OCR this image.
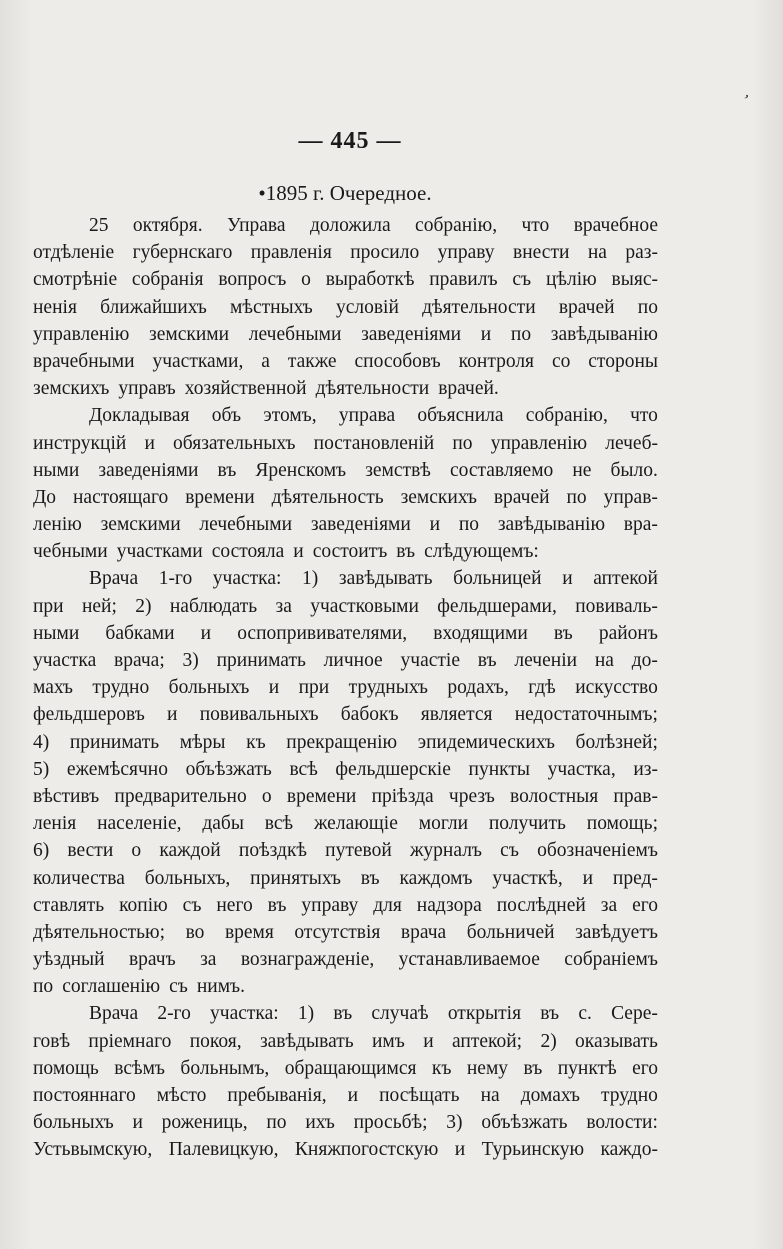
ʼ
— 445 —
•1895 г. Очередное.
25 октября. Управа доложила собранію, что врачебное
отдѣленіе губернскаго правленія просило управу внести на раз-
смотрѣніе собранія вопросъ о выработкѣ правилъ съ цѣлію выяс-
ненія ближайшихъ мѣстныхъ условій дѣятельности врачей по
управленію земскими лечебными заведеніями и по завѣдыванію
врачебными участками, а также способовъ контроля со стороны
земскихъ управъ хозяйственной дѣятельности врачей.
Докладывая объ этомъ, управа объяснила собранію, что
инструкцій и обязательныхъ постановленій по управленію лечеб-
ными заведеніями въ Яренскомъ земствѣ составляемо не было.
До настоящаго времени дѣятельность земскихъ врачей по управ-
ленію земскими лечебными заведеніями и по завѣдыванію вра-
чебными участками состояла и состоитъ въ слѣдующемъ:
Врача 1-го участка: 1) завѣдывать больницей и аптекой
при ней; 2) наблюдать за участковыми фельдшерами, повиваль-
ными бабками и оспопрививателями, входящими въ районъ
участка врача; 3) принимать личное участіе въ леченіи на до-
махъ трудно больныхъ и при трудныхъ родахъ, гдѣ искусство
фельдшеровъ и повивальныхъ бабокъ является недостаточнымъ;
4) принимать мѣры къ прекращенію эпидемическихъ болѣзней;
5) ежемѣсячно объѣзжать всѣ фельдшерскіе пункты участка, из-
вѣстивъ предварительно о времени пріѣзда чрезъ волостныя прав-
ленія населеніе, дабы всѣ желающіе могли получить помощь;
6) вести о каждой поѣздкѣ путевой журналъ съ обозначеніемъ
количества больныхъ, принятыхъ въ каждомъ участкѣ, и пред-
ставлять копію съ него въ управу для надзора послѣдней за его
дѣятельностью; во время отсутствія врача больничей завѣдуетъ
уѣздный врачъ за вознагражденіе, устанавливаемое собраніемъ
по соглашенію съ нимъ.
Врача 2-го участка: 1) въ случаѣ открытія въ с. Сере-
говѣ пріемнаго покоя, завѣдывать имъ и аптекой; 2) оказывать
помощь всѣмъ больнымъ, обращающимся къ нему въ пунктѣ его
постояннаго мѣсто пребыванія, и посѣщать на домахъ трудно
больныхъ и рожениць, по ихъ просьбѣ; 3) объѣзжать волости:
Устьвымскую, Палевицкую, Княжпогостскую и Турьинскую каждо-
